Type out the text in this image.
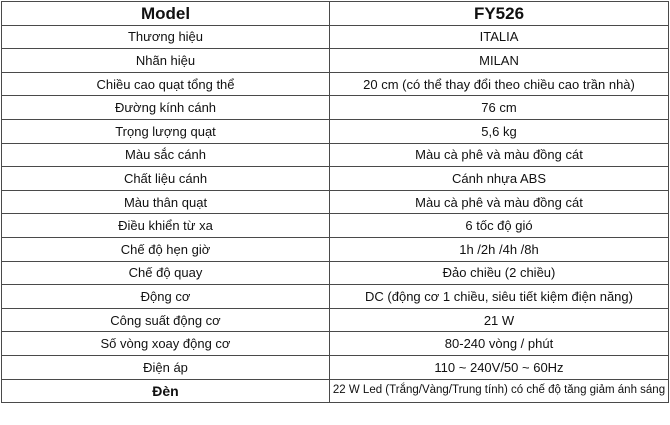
Model	FY526
Thương hiệu	ITALIA
Nhãn hiệu	MILAN
Chiều cao quạt tổng thể	20 cm (có thể thay đổi theo chiều cao trần nhà)
Đường kính cánh	76 cm
Trọng lượng quạt	5,6 kg
Màu sắc cánh	Màu cà phê và màu đồng cát
Chất liệu cánh	Cánh nhựa ABS
Màu thân quạt	Màu cà phê và màu đồng cát
Điều khiển từ xa	6 tốc độ gió
Chế độ hẹn giờ	1h /2h /4h /8h
Chế độ quay	Đảo chiều (2 chiều)
Động cơ	DC (động cơ 1 chiều, siêu tiết kiệm điện năng)
Công suất động cơ	21 W
Số vòng xoay động cơ	80-240 vòng / phút
Điện áp	110 ~ 240V/50 ~ 60Hz
Đèn	22 W Led (Trắng/Vàng/Trung tính) có chế độ tăng giảm ánh sáng
